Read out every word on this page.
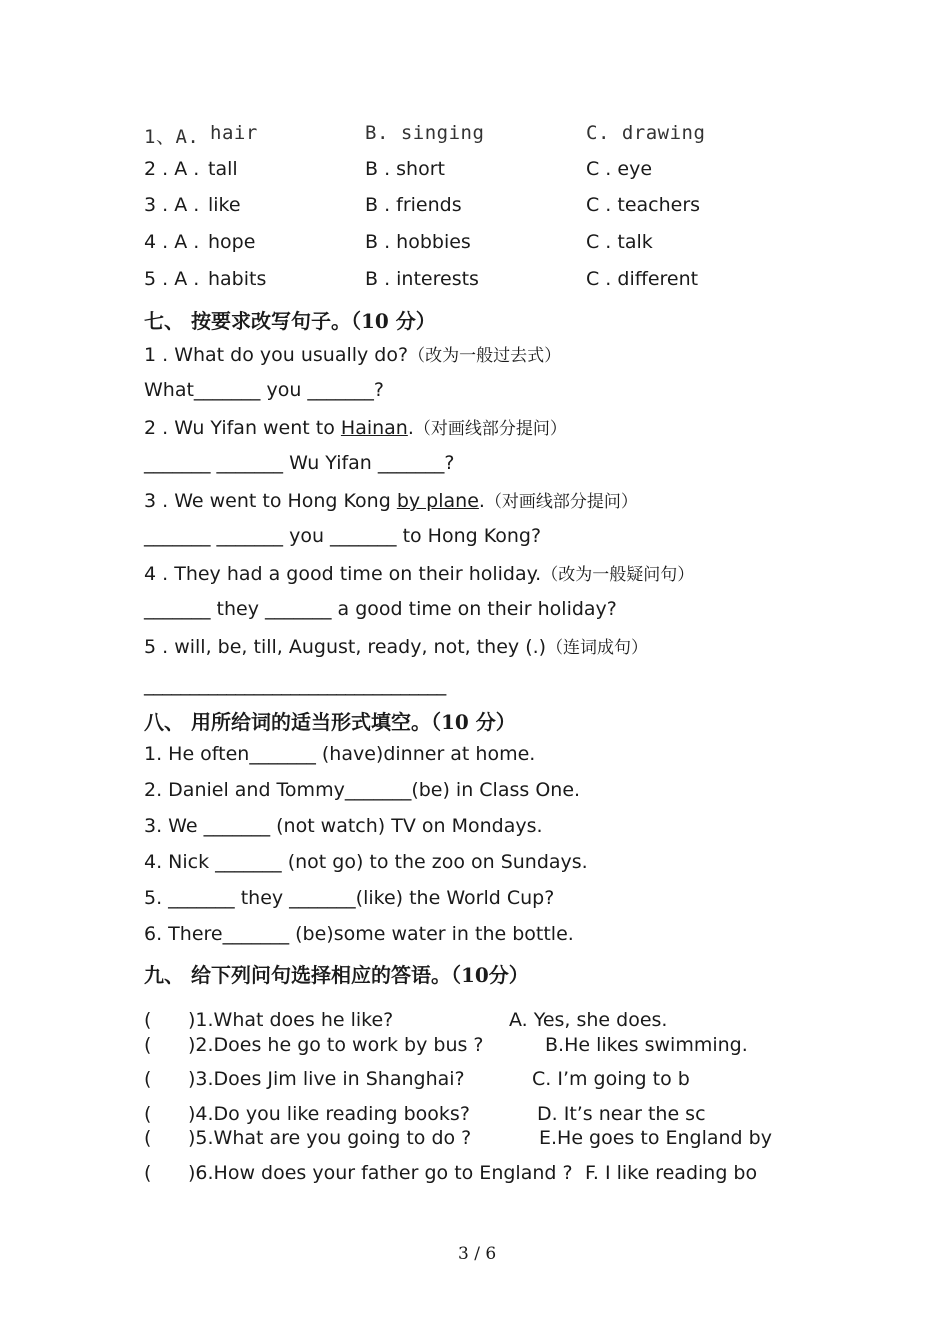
1、A. hair	B. singing	C. drawing
2 . A . tall	B . short	C . eye
3 . A . like	B . friends	C . teachers
4 . A . hope	B . hobbies	C . talk
5 . A . habits	B . interests	C . different
七、 按要求改写句子。（10 分）
1 . What do you usually do?（改为一般过去式）
What_______ you _______?
2 . Wu Yifan went to Hainan.（对画线部分提问）
_______ _______ Wu Yifan _______?
3 . We went to Hong Kong by plane.（对画线部分提问）
_______ _______ you _______ to Hong Kong?
4 . They had a good time on their holiday.（改为一般疑问句）
_______ they _______ a good time on their holiday?
5 . will, be, till, August, ready, not, they (.)（连词成句）
_________________________________
八、 用所给词的适当形式填空。（10 分）
1. He often_______ (have)dinner at home.
2. Daniel and Tommy_______(be) in Class One.
3. We _______ (not watch) TV on Mondays.
4. Nick _______ (not go) to the zoo on Sundays.
5. _______ they _______(like) the World Cup?
6. There_______ (be)some water in the bottle.
九、 给下列问句选择相应的答语。（10分）
( )1.What does he like?	A. Yes, she does.
( )2.Does he go to work by bus ?	B.He likes swimming.
( )3.Does Jim live in Shanghai?	C. I’m going to b
( )4.Do you like reading books?	D. It’s near the sc
( )5.What are you going to do ?	E.He goes to England by
( )6.How does your father go to England ? F. I like reading bo
3 / 6
